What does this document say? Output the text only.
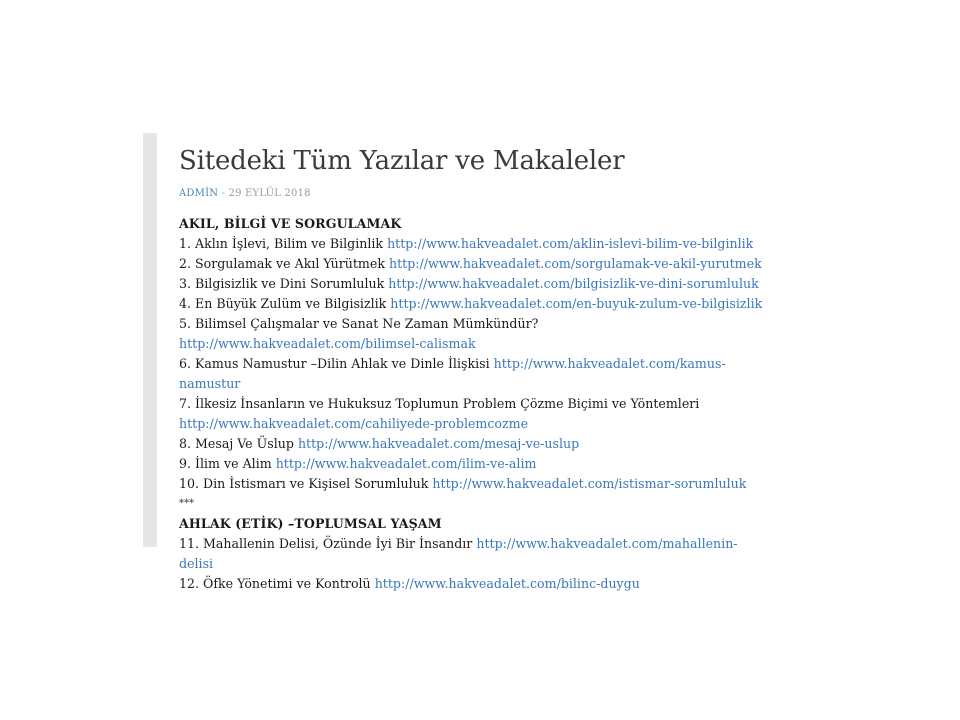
Sitedeki Tüm Yazılar ve Makaleler
ADMİN - 29 EYLÜL 2018
AKIL, BİLGİ VE SORGULAMAK
1. Aklın İşlevi, Bilim ve Bilginlik http://www.hakveadalet.com/aklin-islevi-bilim-ve-bilginlik
2. Sorgulamak ve Akıl Yürütmek http://www.hakveadalet.com/sorgulamak-ve-akil-yurutmek
3. Bilgisizlik ve Dini Sorumluluk http://www.hakveadalet.com/bilgisizlik-ve-dini-sorumluluk
4. En Büyük Zulüm ve Bilgisizlik http://www.hakveadalet.com/en-buyuk-zulum-ve-bilgisizlik
5. Bilimsel Çalışmalar ve Sanat Ne Zaman Mümkündür? http://www.hakveadalet.com/bilimsel-calismak
6. Kamus Namustur –Dilin Ahlak ve Dinle İlişkisi http://www.hakveadalet.com/kamus-namustur
7. İlkesiz İnsanların ve Hukuksuz Toplumun Problem Çözme Biçimi ve Yöntemleri http://www.hakveadalet.com/cahiliyede-problemcozme
8. Mesaj Ve Üslup http://www.hakveadalet.com/mesaj-ve-uslup
9. İlim ve Alim http://www.hakveadalet.com/ilim-ve-alim
10. Din İstismarı ve Kişisel Sorumluluk http://www.hakveadalet.com/istismar-sorumluluk
***
AHLAK (ETİK) –TOPLUMSAL YAŞAM
11. Mahallenin Delisi, Özünde İyi Bir İnsandır http://www.hakveadalet.com/mahallenin-delisi
12. Öfke Yönetimi ve Kontrolü http://www.hakveadalet.com/bilinc-duygu
